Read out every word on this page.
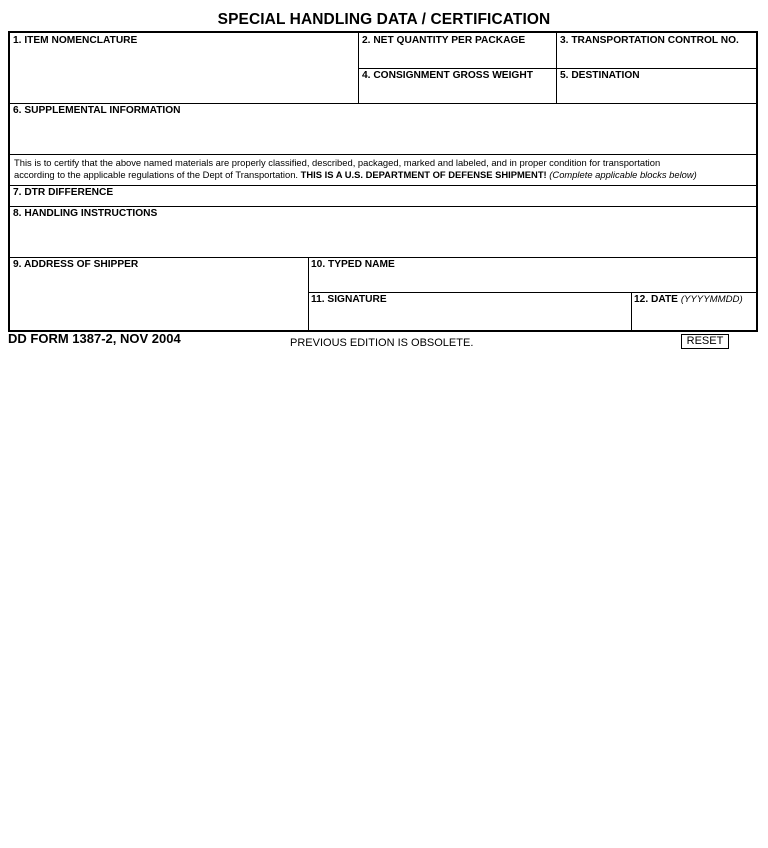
SPECIAL HANDLING DATA / CERTIFICATION
1. ITEM NOMENCLATURE	2. NET QUANTITY PER PACKAGE	3. TRANSPORTATION CONTROL NO.
4. CONSIGNMENT GROSS WEIGHT	5. DESTINATION
6. SUPPLEMENTAL INFORMATION
This is to certify that the above named materials are properly classified, described, packaged, marked and labeled, and in proper condition for transportation
according to the applicable regulations of the Dept of Transportation. THIS IS A U.S. DEPARTMENT OF DEFENSE SHIPMENT! (Complete applicable blocks below)
7. DTR DIFFERENCE
8. HANDLING INSTRUCTIONS
9. ADDRESS OF SHIPPER	10. TYPED NAME
11. SIGNATURE	12. DATE (YYYYMMDD)
DD FORM 1387-2, NOV 2004	PREVIOUS EDITION IS OBSOLETE.	RESET
